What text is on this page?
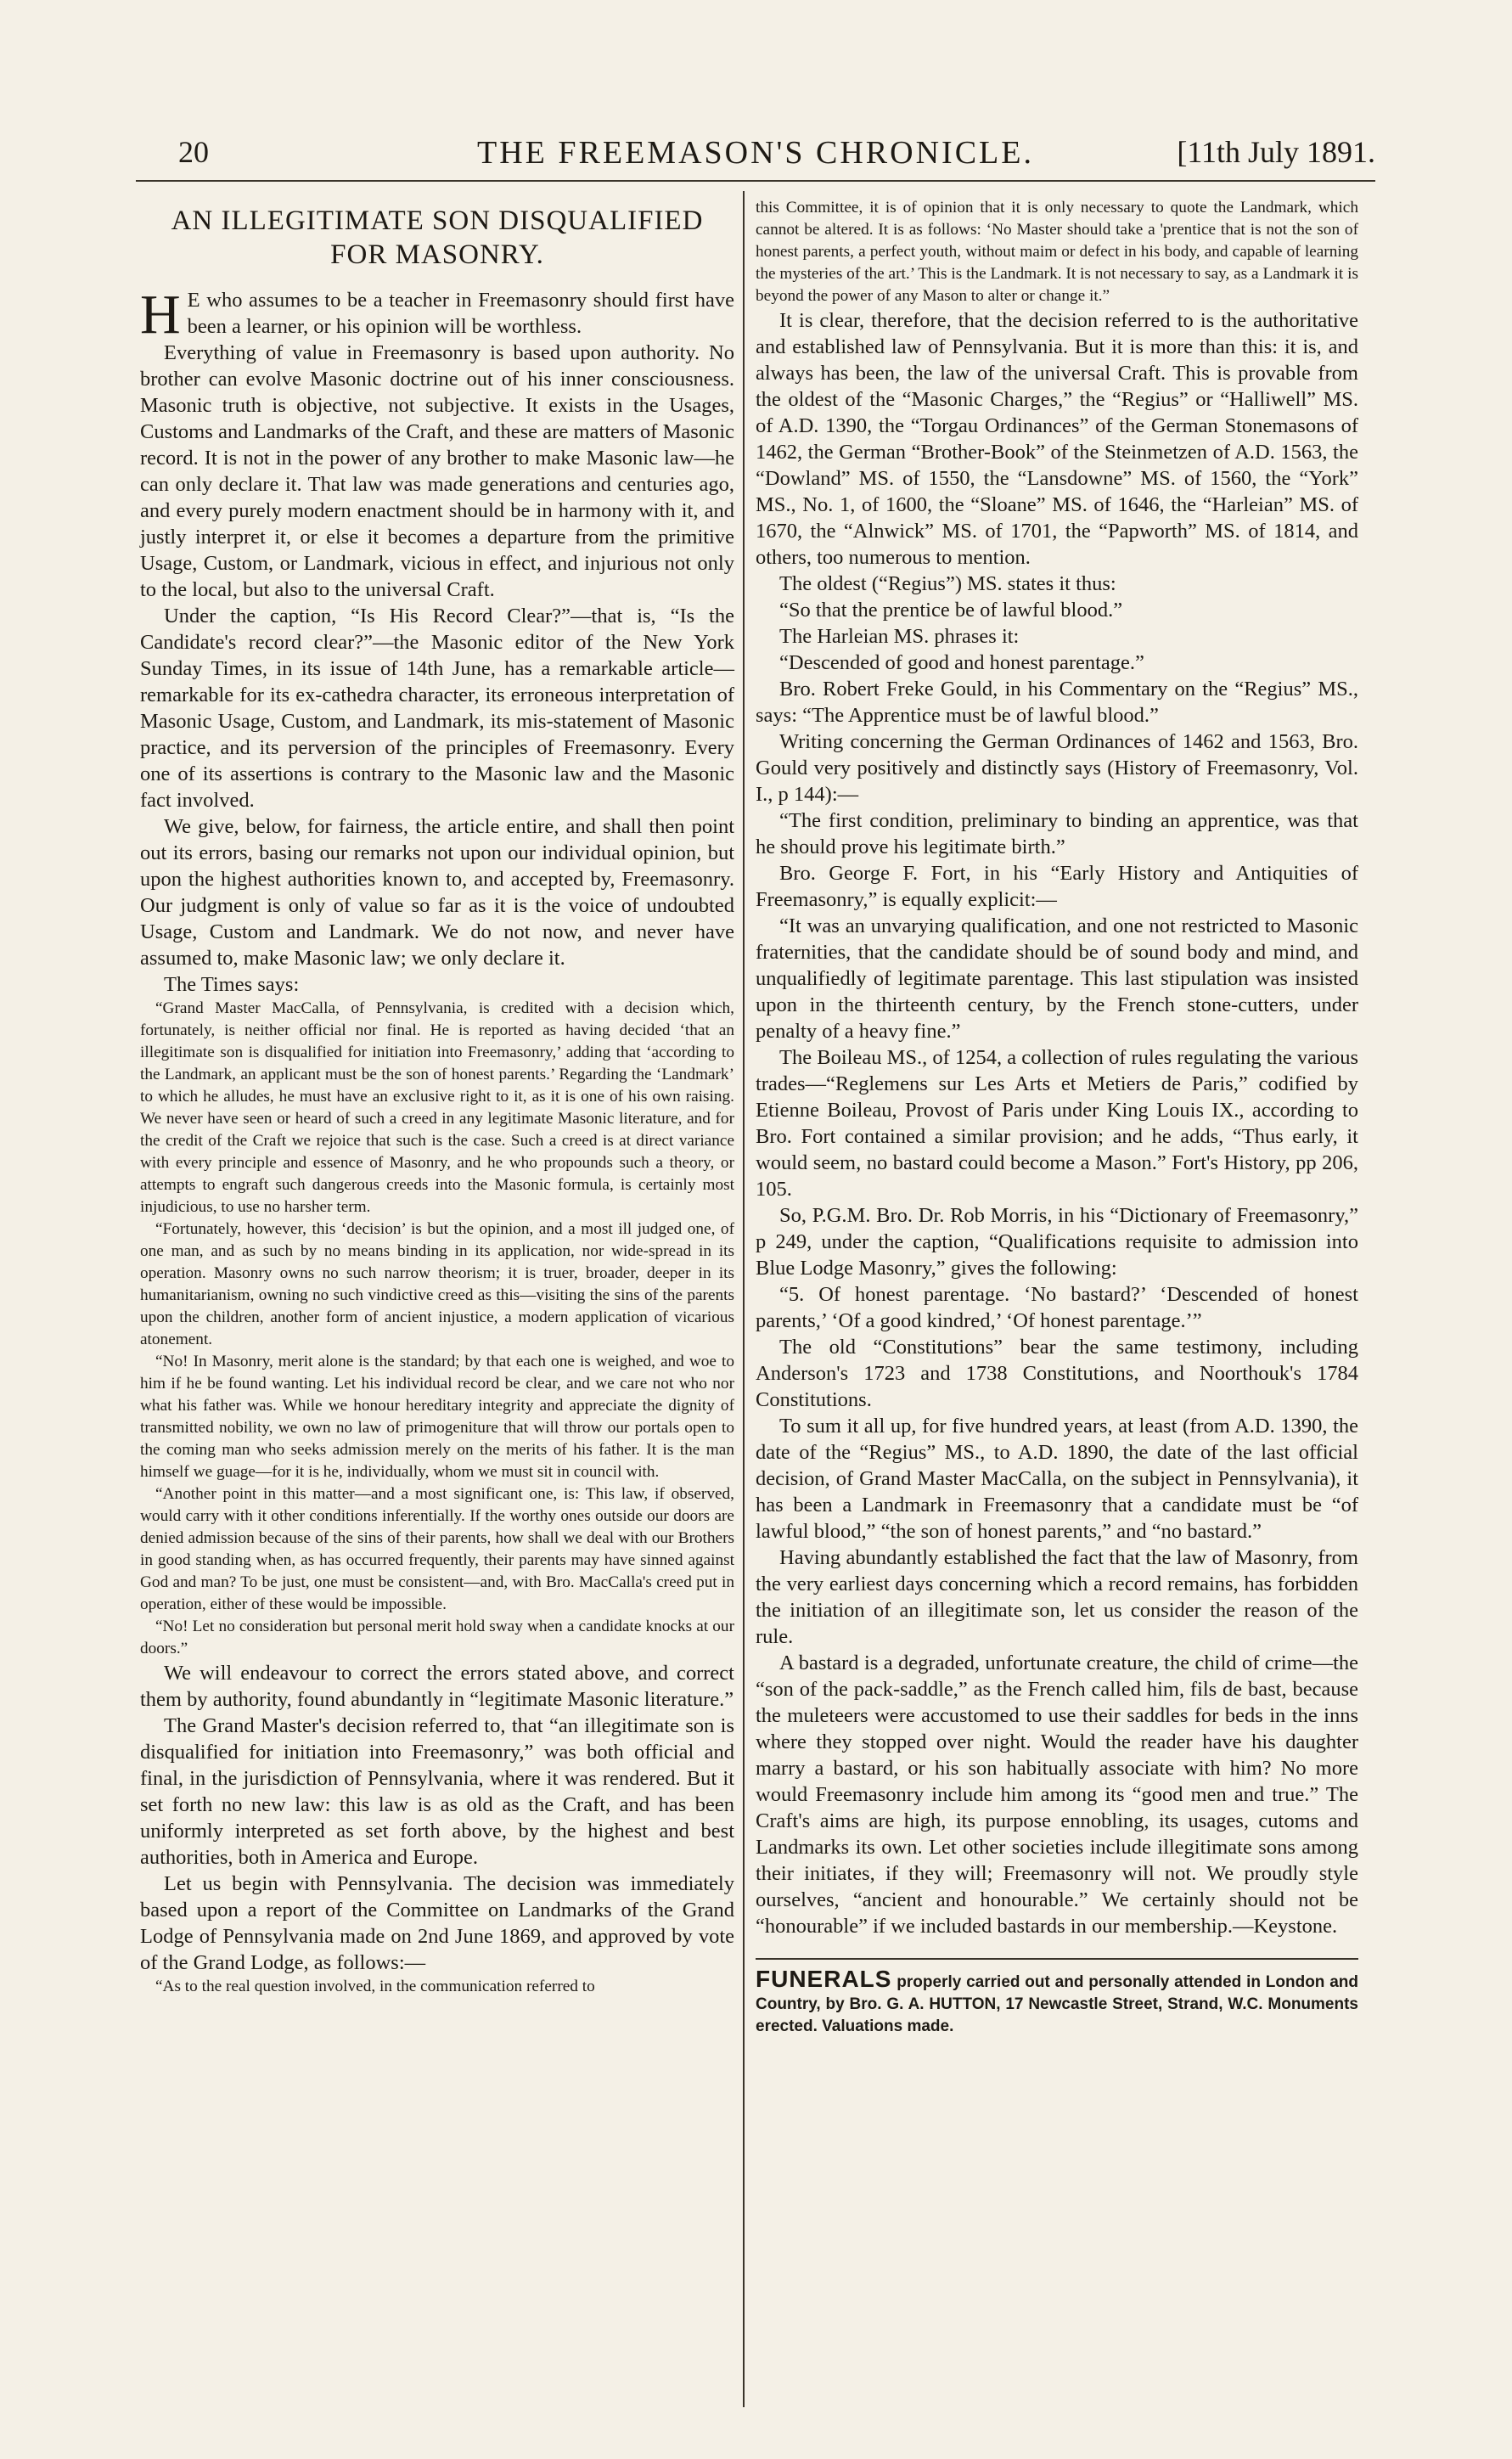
20	THE FREEMASON'S CHRONICLE.	[11th July 1891.
AN ILLEGITIMATE SON DISQUALIFIED FOR MASONRY.

H E who assumes to be a teacher in Freemasonry should first have been a learner, or his opinion will be worthless.

Everything of value in Freemasonry is based upon authority. No brother can evolve Masonic doctrine out of his inner consciousness. Masonic truth is objective, not subjective. It exists in the Usages, Customs and Landmarks of the Craft, and these are matters of Masonic record. It is not in the power of any brother to make Masonic law—he can only declare it. That law was made generations and centuries ago, and every purely modern enactment should be in harmony with it, and justly interpret it, or else it becomes a departure from the primitive Usage, Custom, or Landmark, vicious in effect, and injurious not only to the local, but also to the universal Craft.

Under the caption, “Is His Record Clear?”—that is, “Is the Candidate's record clear?”—the Masonic editor of the New York Sunday Times, in its issue of 14th June, has a remarkable article—remarkable for its ex-cathedra character, its erroneous interpretation of Masonic Usage, Custom, and Landmark, its mis-statement of Masonic practice, and its perversion of the principles of Freemasonry. Every one of its assertions is contrary to the Masonic law and the Masonic fact involved.

We give, below, for fairness, the article entire, and shall then point out its errors, basing our remarks not upon our individual opinion, but upon the highest authorities known to, and accepted by, Freemasonry. Our judgment is only of value so far as it is the voice of undoubted Usage, Custom and Landmark. We do not now, and never have assumed to, make Masonic law; we only declare it.

The Times says:

“Grand Master MacCalla, of Pennsylvania, is credited with a decision which, fortunately, is neither official nor final. He is reported as having decided ‘that an illegitimate son is disqualified for initiation into Freemasonry,’ adding that ‘according to the Landmark, an applicant must be the son of honest parents.’ Regarding the ‘Landmark’ to which he alludes, he must have an exclusive right to it, as it is one of his own raising. We never have seen or heard of such a creed in any legitimate Masonic literature, and for the credit of the Craft we rejoice that such is the case. Such a creed is at direct variance with every principle and essence of Masonry, and he who propounds such a theory, or attempts to engraft such dangerous creeds into the Masonic formula, is certainly most injudicious, to use no harsher term.

“Fortunately, however, this ‘decision’ is but the opinion, and a most ill judged one, of one man, and as such by no means binding in its application, nor wide-spread in its operation. Masonry owns no such narrow theorism; it is truer, broader, deeper in its humanitarianism, owning no such vindictive creed as this—visiting the sins of the parents upon the children, another form of ancient injustice, a modern application of vicarious atonement.

“No! In Masonry, merit alone is the standard; by that each one is weighed, and woe to him if he be found wanting. Let his individual record be clear, and we care not who nor what his father was. While we honour hereditary integrity and appreciate the dignity of transmitted nobility, we own no law of primogeniture that will throw our portals open to the coming man who seeks admission merely on the merits of his father. It is the man himself we guage—for it is he, individually, whom we must sit in council with.

“Another point in this matter—and a most significant one, is: This law, if observed, would carry with it other conditions inferentially. If the worthy ones outside our doors are denied admission because of the sins of their parents, how shall we deal with our Brothers in good standing when, as has occurred frequently, their parents may have sinned against God and man? To be just, one must be consistent—and, with Bro. MacCalla's creed put in operation, either of these would be impossible.

“No! Let no consideration but personal merit hold sway when a candidate knocks at our doors.”

We will endeavour to correct the errors stated above, and correct them by authority, found abundantly in “legitimate Masonic literature.”

The Grand Master's decision referred to, that “an illegitimate son is disqualified for initiation into Freemasonry,” was both official and final, in the jurisdiction of Pennsylvania, where it was rendered. But it set forth no new law: this law is as old as the Craft, and has been uniformly interpreted as set forth above, by the highest and best authorities, both in America and Europe.

Let us begin with Pennsylvania. The decision was immediately based upon a report of the Committee on Landmarks of the Grand Lodge of Pennsylvania made on 2nd June 1869, and approved by vote of the Grand Lodge, as follows:—

“As to the real question involved, in the communication referred to

this Committee, it is of opinion that it is only necessary to quote the Landmark, which cannot be altered. It is as follows: ‘No Master should take a 'prentice that is not the son of honest parents, a perfect youth, without maim or defect in his body, and capable of learning the mysteries of the art.’ This is the Landmark. It is not necessary to say, as a Landmark it is beyond the power of any Mason to alter or change it.”

It is clear, therefore, that the decision referred to is the authoritative and established law of Pennsylvania. But it is more than this: it is, and always has been, the law of the universal Craft. This is provable from the oldest of the “Masonic Charges,” the “Regius” or “Halliwell” MS. of A.D. 1390, the “Torgau Ordinances” of the German Stonemasons of 1462, the German “Brother-Book” of the Steinmetzen of A.D. 1563, the “Dowland” MS. of 1550, the “Lansdowne” MS. of 1560, the “York” MS., No. 1, of 1600, the “Sloane” MS. of 1646, the “Harleian” MS. of 1670, the “Alnwick” MS. of 1701, the “Papworth” MS. of 1814, and others, too numerous to mention.

The oldest (“Regius”) MS. states it thus:

“So that the prentice be of lawful blood.”

The Harleian MS. phrases it:

“Descended of good and honest parentage.”

Bro. Robert Freke Gould, in his Commentary on the “Regius” MS., says: “The Apprentice must be of lawful blood.”

Writing concerning the German Ordinances of 1462 and 1563, Bro. Gould very positively and distinctly says (History of Freemasonry, Vol. I., p 144):—

“The first condition, preliminary to binding an apprentice, was that he should prove his legitimate birth.”

Bro. George F. Fort, in his “Early History and Antiquities of Freemasonry,” is equally explicit:—

“It was an unvarying qualification, and one not restricted to Masonic fraternities, that the candidate should be of sound body and mind, and unqualifiedly of legitimate parentage. This last stipulation was insisted upon in the thirteenth century, by the French stone-cutters, under penalty of a heavy fine.”

The Boileau MS., of 1254, a collection of rules regulating the various trades—“Reglemens sur Les Arts et Metiers de Paris,” codified by Etienne Boileau, Provost of Paris under King Louis IX., according to Bro. Fort contained a similar provision; and he adds, “Thus early, it would seem, no bastard could become a Mason.” Fort's History, pp 206, 105.

So, P.G.M. Bro. Dr. Rob Morris, in his “Dictionary of Freemasonry,” p 249, under the caption, “Qualifications requisite to admission into Blue Lodge Masonry,” gives the following:

“5. Of honest parentage. ‘No bastard?’ ‘Descended of honest parents,’ ‘Of a good kindred,’ ‘Of honest parentage.’”

The old “Constitutions” bear the same testimony, including Anderson's 1723 and 1738 Constitutions, and Noorthouk's 1784 Constitutions.

To sum it all up, for five hundred years, at least (from A.D. 1390, the date of the “Regius” MS., to A.D. 1890, the date of the last official decision, of Grand Master MacCalla, on the subject in Pennsylvania), it has been a Landmark in Freemasonry that a candidate must be “of lawful blood,” “the son of honest parents,” and “no bastard.”

Having abundantly established the fact that the law of Masonry, from the very earliest days concerning which a record remains, has forbidden the initiation of an illegitimate son, let us consider the reason of the rule.

A bastard is a degraded, unfortunate creature, the child of crime—the “son of the pack-saddle,” as the French called him, fils de bast, because the muleteers were accustomed to use their saddles for beds in the inns where they stopped over night. Would the reader have his daughter marry a bastard, or his son habitually associate with him? No more would Freemasonry include him among its “good men and true.” The Craft's aims are high, its purpose ennobling, its usages, cutoms and Landmarks its own. Let other societies include illegitimate sons among their initiates, if they will; Freemasonry will not. We proudly style ourselves, “ancient and honourable.” We certainly should not be “honourable” if we included bastards in our membership.—Keystone.

FUNERALS properly carried out and personally attended in London and Country, by Bro. G. A. HUTTON, 17 Newcastle Street, Strand, W.C. Monuments erected. Valuations made.
